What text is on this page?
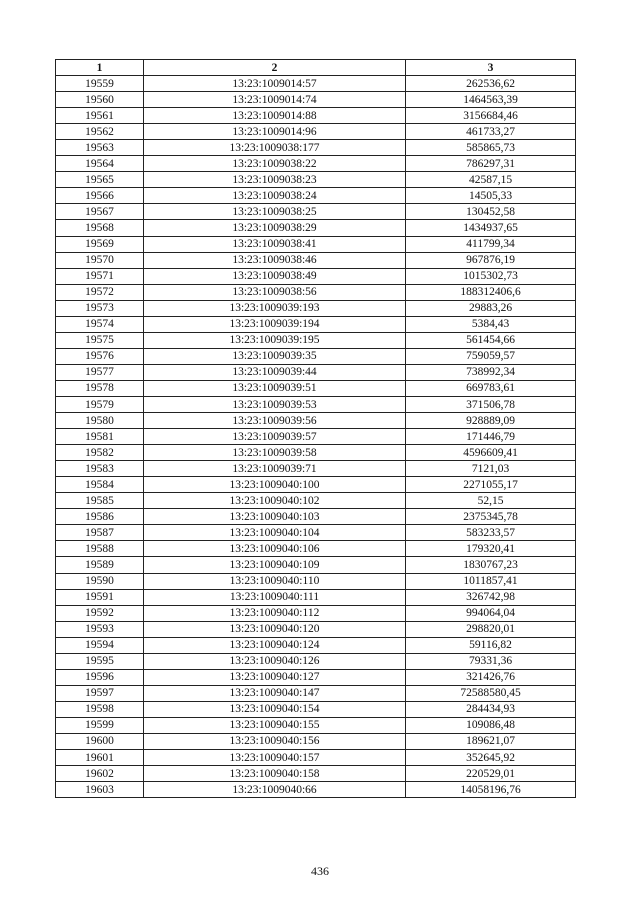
1	2	3
19559	13:23:1009014:57	262536,62
19560	13:23:1009014:74	1464563,39
19561	13:23:1009014:88	3156684,46
19562	13:23:1009014:96	461733,27
19563	13:23:1009038:177	585865,73
19564	13:23:1009038:22	786297,31
19565	13:23:1009038:23	42587,15
19566	13:23:1009038:24	14505,33
19567	13:23:1009038:25	130452,58
19568	13:23:1009038:29	1434937,65
19569	13:23:1009038:41	411799,34
19570	13:23:1009038:46	967876,19
19571	13:23:1009038:49	1015302,73
19572	13:23:1009038:56	188312406,6
19573	13:23:1009039:193	29883,26
19574	13:23:1009039:194	5384,43
19575	13:23:1009039:195	561454,66
19576	13:23:1009039:35	759059,57
19577	13:23:1009039:44	738992,34
19578	13:23:1009039:51	669783,61
19579	13:23:1009039:53	371506,78
19580	13:23:1009039:56	928889,09
19581	13:23:1009039:57	171446,79
19582	13:23:1009039:58	4596609,41
19583	13:23:1009039:71	7121,03
19584	13:23:1009040:100	2271055,17
19585	13:23:1009040:102	52,15
19586	13:23:1009040:103	2375345,78
19587	13:23:1009040:104	583233,57
19588	13:23:1009040:106	179320,41
19589	13:23:1009040:109	1830767,23
19590	13:23:1009040:110	1011857,41
19591	13:23:1009040:111	326742,98
19592	13:23:1009040:112	994064,04
19593	13:23:1009040:120	298820,01
19594	13:23:1009040:124	59116,82
19595	13:23:1009040:126	79331,36
19596	13:23:1009040:127	321426,76
19597	13:23:1009040:147	72588580,45
19598	13:23:1009040:154	284434,93
19599	13:23:1009040:155	109086,48
19600	13:23:1009040:156	189621,07
19601	13:23:1009040:157	352645,92
19602	13:23:1009040:158	220529,01
19603	13:23:1009040:66	14058196,76
436
